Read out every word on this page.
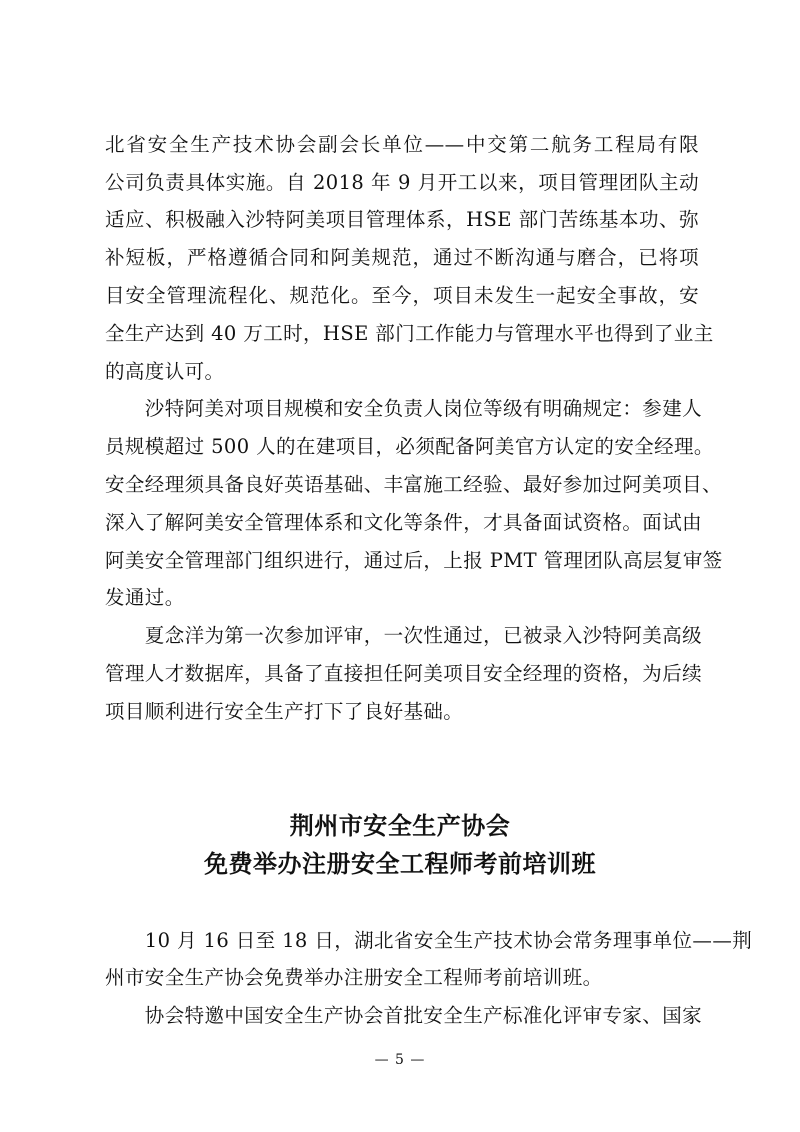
北省安全生产技术协会副会长单位——中交第二航务工程局有限
公司负责具体实施。自 2018 年 9 月开工以来，项目管理团队主动
适应、积极融入沙特阿美项目管理体系，HSE 部门苦练基本功、弥
补短板，严格遵循合同和阿美规范，通过不断沟通与磨合，已将项
目安全管理流程化、规范化。至今，项目未发生一起安全事故，安
全生产达到 40 万工时，HSE 部门工作能力与管理水平也得到了业主
的高度认可。
　　沙特阿美对项目规模和安全负责人岗位等级有明确规定：参建人
员规模超过 500 人的在建项目，必须配备阿美官方认定的安全经理。
安全经理须具备良好英语基础、丰富施工经验、最好参加过阿美项目、
深入了解阿美安全管理体系和文化等条件，才具备面试资格。面试由
阿美安全管理部门组织进行，通过后，上报 PMT 管理团队高层复审签
发通过。
　　夏念洋为第一次参加评审，一次性通过，已被录入沙特阿美高级
管理人才数据库，具备了直接担任阿美项目安全经理的资格，为后续
项目顺利进行安全生产打下了良好基础。
荆州市安全生产协会
免费举办注册安全工程师考前培训班
　　10 月 16 日至 18 日，湖北省安全生产技术协会常务理事单位——荆
州市安全生产协会免费举办注册安全工程师考前培训班。
　　协会特邀中国安全生产协会首批安全生产标准化评审专家、国家
— 5 —
